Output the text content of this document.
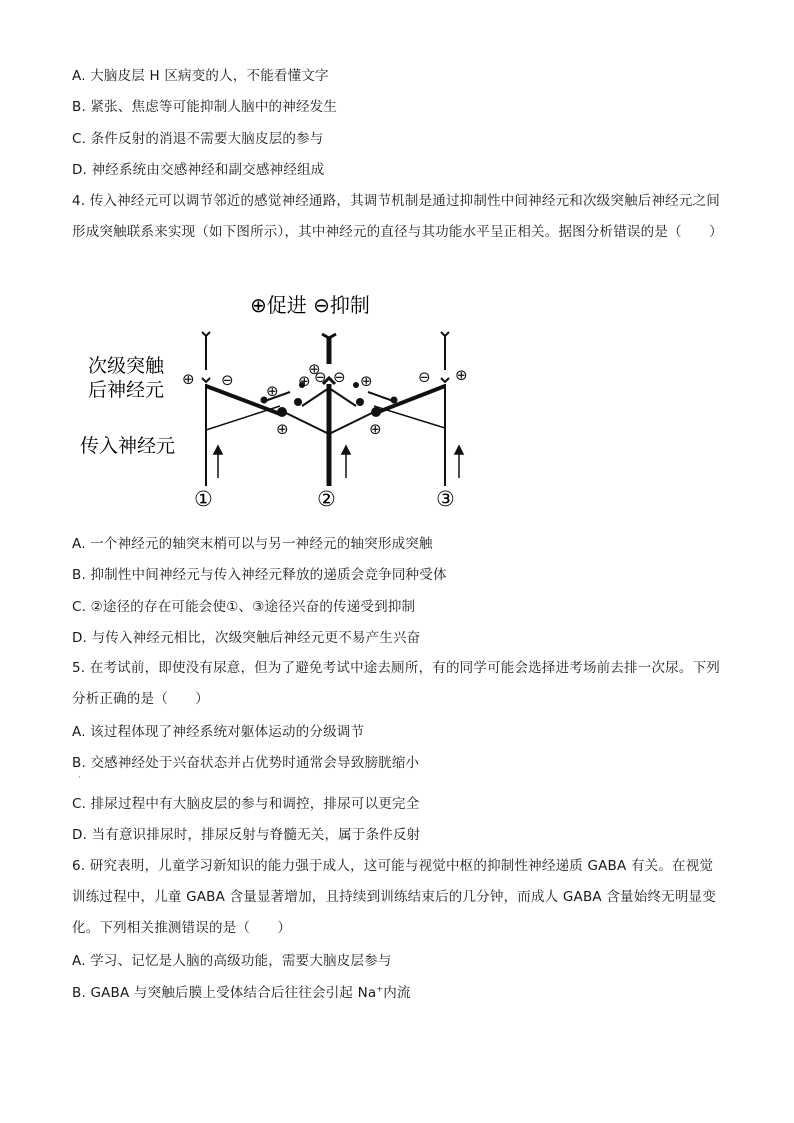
A. 大脑皮层 H 区病变的人，不能看懂文字
B. 紧张、焦虑等可能抑制人脑中的神经发生
C. 条件反射的消退不需要大脑皮层的参与
D. 神经系统由交感神经和副交感神经组成
4. 传入神经元可以调节邻近的感觉神经通路，其调节机制是通过抑制性中间神经元和次级突触后神经元之间形成突触联系来实现（如下图所示），其中神经元的直径与其功能水平呈正相关。据图分析错误的是（　　）
⊕促进 ⊖抑制
次级突触
后神经元
传入神经元
⊕ ⊖
⊕
⊕
⊕
⊕
⊖ ⊖ ⊕
⊕
⊖ ⊕
①	②	③
A. 一个神经元的轴突末梢可以与另一神经元的轴突形成突触
B. 抑制性中间神经元与传入神经元释放的递质会竞争同种受体
C. ②途径的存在可能会使①、③途径兴奋的传递受到抑制
D. 与传入神经元相比，次级突触后神经元更不易产生兴奋
5. 在考试前，即使没有尿意，但为了避免考试中途去厕所，有的同学可能会选择进考场前去排一次尿。下列分析正确的是（　　）
A. 该过程体现了神经系统对躯体运动的分级调节
B. 交感神经处于兴奋状态并占优势时通常会导致膀胱缩小
·
C. 排尿过程中有大脑皮层的参与和调控，排尿可以更完全
D. 当有意识排尿时，排尿反射与脊髓无关，属于条件反射
6. 研究表明，儿童学习新知识的能力强于成人，这可能与视觉中枢的抑制性神经递质 GABA 有关。在视觉训练过程中，儿童 GABA 含量显著增加，且持续到训练结束后的几分钟，而成人 GABA 含量始终无明显变化。下列相关推测错误的是（　　）
A. 学习、记忆是人脑的高级功能，需要大脑皮层参与
B. GABA 与突触后膜上受体结合后往往会引起 Na+内流
